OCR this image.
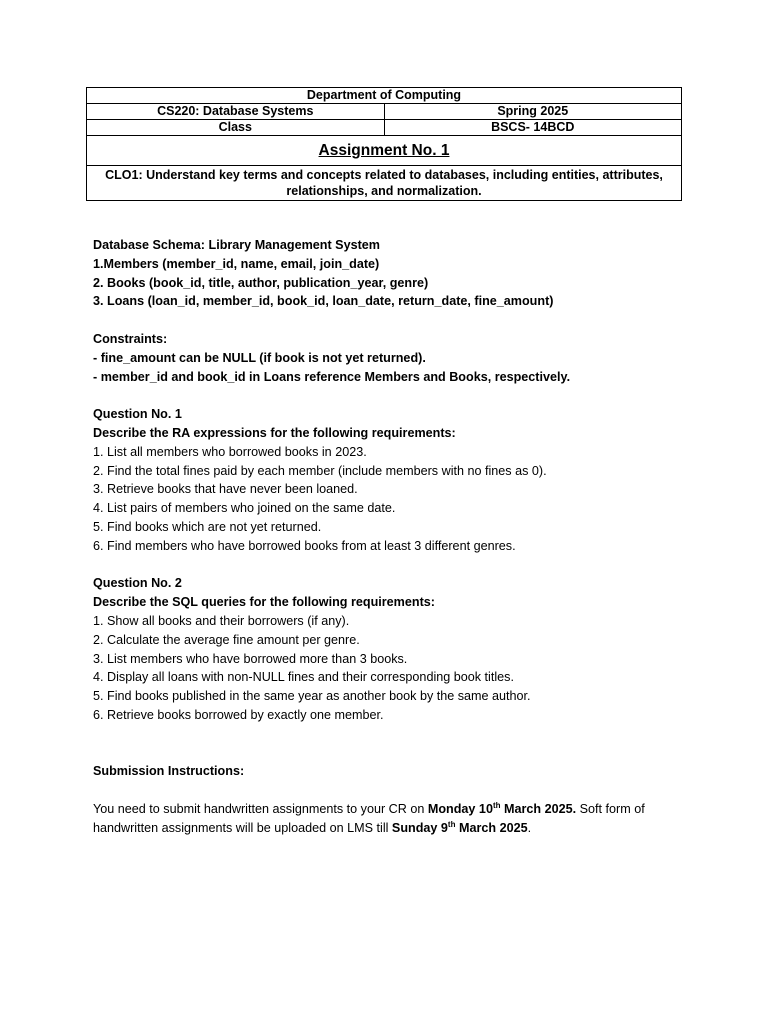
Department of Computing	
CS220: Database Systems	Spring 2025
Class	BSCS- 14BCD
Assignment No. 1	
CLO1: Understand key terms and concepts related to databases, including entities, attributes, relationships, and normalization.	
Database Schema: Library Management System
1.Members (member_id, name, email, join_date)
2. Books (book_id, title, author, publication_year, genre)
3. Loans (loan_id, member_id, book_id, loan_date, return_date, fine_amount)
Constraints:
- fine_amount can be NULL (if book is not yet returned).
- member_id and book_id in Loans reference Members and Books, respectively.
Question No. 1
Describe the RA expressions for the following requirements:
1. List all members who borrowed books in 2023.
2. Find the total fines paid by each member (include members with no fines as 0).
3. Retrieve books that have never been loaned.
4. List pairs of members who joined on the same date.
5. Find books which are not yet returned.
6. Find members who have borrowed books from at least 3 different genres.
Question No. 2
Describe the SQL queries for the following requirements:
1. Show all books and their borrowers (if any).
2. Calculate the average fine amount per genre.
3. List members who have borrowed more than 3 books.
4. Display all loans with non-NULL fines and their corresponding book titles.
5. Find books published in the same year as another book by the same author.
6. Retrieve books borrowed by exactly one member.
Submission Instructions:
You need to submit handwritten assignments to your CR on Monday 10th March 2025. Soft form of handwritten assignments will be uploaded on LMS till Sunday 9th March 2025.
